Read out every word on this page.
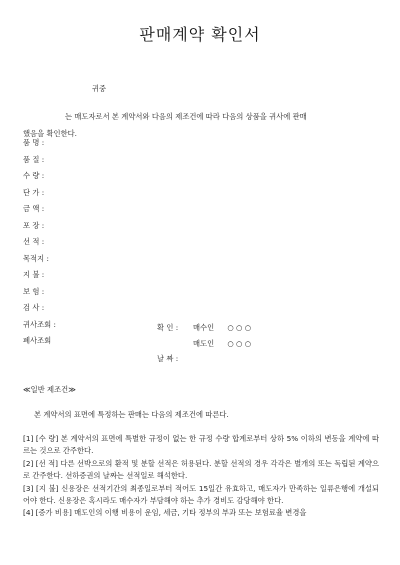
판매계약 확인서
귀중
는 매도자로서 본 계약서와 다음의 제조건에 따라 다음의 상품을 귀사에 판매
했음을 확인한다.
품 명 :
품 질 :
수 량 :
단 가 :
금 액 :
포 장 :
선 적 :
목적지 :
지 불 :
보 험 :
검 사 :
귀사조회 :
폐사조회
확 인 : 매수인 ○ ○ ○
매도인 ○ ○ ○
날 짜 :
≪일반 제조건≫
본 계약서의 표면에 특정하는 판매는 다음의 제조건에 따른다.

[1] [수 량] 본 계약서의 표면에 특별한 규정이 없는 한 규정 수량 합계로부터 상하 5% 이하의 변동을 계약에 따르는 것으로 간주한다.

[2] [선 적] 다른 선박으로의 환적 및 분할 선적은 허용된다. 분할 선적의 경우 각각은 별개의 또는 독립된 계약으로 간주한다. 선하증권의 날짜는 선적일로 해석한다.

[3] [지 불] 신용장은 선적기간의 최종일로부터 적어도 15일간 유효하고, 매도자가 만족하는 일류은행에 개설되어야 한다. 신용장은 혹시라도 매수자가 부담해야 하는 추가 경비도 감당해야 한다.

[4] [증가 비용] 매도인의 이행 비용이 운임, 세금, 기타 정부의 부과 또는 보험료율 변경을
